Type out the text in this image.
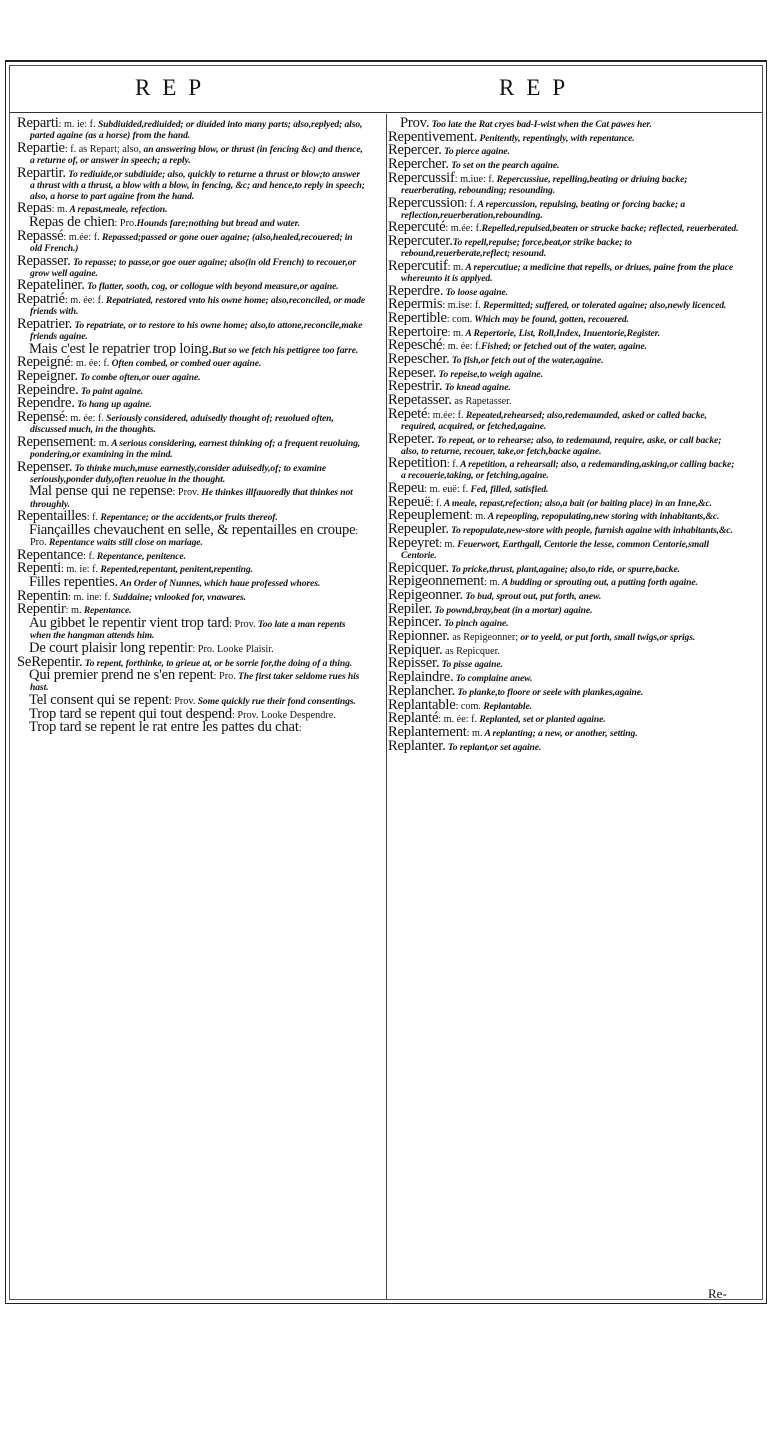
REP	REP
Reparti: m. ie: f. Subdiuided,rediuided; or diuided into many parts; also,replyed; also, parted againe (as a horse) from the hand.
Repartie: f. as Repart; also, an answering blow, or thrust (in fencing &c) and thence, a returne of, or answer in speech; a reply.
Repartir. To rediuide,or subdiuide; also, quickly to returne a thrust or blow;to answer a thrust with a thrust, a blow with a blow, in fencing, &c; and hence,to reply in speech; also, a horse to part againe from the hand.
Repas: m. A repast,meale, refection.
Repas de chien: Pro.Hounds fare;nothing but bread and water.
Repassé: m.ée: f. Repassed;passed or gone ouer againe; (also,healed,recouered; in old French.)
Repasser. To repasse; to passe,or goe ouer againe; also(in old French) to recouer,or grow well againe.
Repateliner. To flatter, sooth, cog, or collogue with beyond measure,or againe.
Repatrié: m. ée: f. Repatriated, restored vnto his owne home; also,reconciled, or made friends with.
Repatrier. To repatriate, or to restore to his owne home; also,to attone,reconcile,make friends againe.
Mais c'est le repatrier trop loing.But so we fetch his pettigree too farre.
Repeigné: m. ée: f. Often combed, or combed ouer againe.
Repeigner. To combe often,or ouer againe.
Repeindre. To paint againe.
Rependre. To hang up againe.
Repensé: m. ée: f. Seriously considered, aduisedly thought of; reuolued often, discussed much, in the thoughts.
Repensement: m. A serious considering, earnest thinking of; a frequent reuoluing, pondering,or examining in the mind.
Repenser. To thinke much,muse earnestly,consider aduisedly,of; to examine seriously,ponder duly,often reuolue in the thought.
Mal pense qui ne repense: Prov. He thinkes illfauoredly that thinkes not throughly.
Repentailles: f. Repentance; or the accidents,or fruits thereof.
Fiançailles chevauchent en selle, & repentailles en croupe: Pro. Repentance waits still close on mariage.
Repentance: f. Repentance, penitence.
Repenti: m. ie: f. Repented,repentant, penitent,repenting.
Filles repenties. An Order of Nunnes, which haue professed whores.
Repentin: m. ine: f. Suddaine; vnlooked for, vnawares.
Repentir: m. Repentance.
Au gibbet le repentir vient trop tard: Prov. Too late a man repents when the hangman attends him.
De court plaisir long repentir: Pro. Looke Plaisir.
SeRepentir. To repent, forthinke, to grieue at, or be sorrie for,the doing of a thing.
Qui premier prend ne s'en repent: Pro. The first taker seldome rues his hast.
Tel consent qui se repent: Prov. Some quickly rue their fond consentings.
Trop tard se repent qui tout despend: Prov. Looke Despendre.
Trop tard se repent le rat entre les pattes du chat:
Prov. Too late the Rat cryes bad-I-wist when the Cat pawes her.
Repentivement. Penitently, repentingly, with repentance.
Repercer. To pierce againe.
Repercher. To set on the pearch againe.
Repercussif: m.iue: f. Repercussiue, repelling,beating or driuing backe; reuerberating, rebounding; resounding.
Repercussion: f. A repercussion, repulsing, beating or forcing backe; a reflection,reuerberation,rebounding.
Repercuté: m.ée: f.Repelled,repulsed,beaten or strucke backe; reflected, reuerberated.
Repercuter.To repell,repulse; force,beat,or strike backe; to rebound,reuerberate,reflect; resound.
Repercutif: m. A repercutiue; a medicine that repells, or driues, paine from the place whereunto it is applyed.
Reperdre. To loose againe.
Repermis: m.ise: f. Repermitted; suffered, or tolerated againe; also,newly licenced.
Repertible: com. Which may be found, gotten, recouered.
Repertoire: m. A Repertorie, List, Roll,Index, Inuentorie,Register.
Repesché: m. ée: f.Fished; or fetched out of the water, againe.
Repescher. To fish,or fetch out of the water,againe.
Repeser. To repeise,to weigh againe.
Repestrir. To knead againe.
Repetasser. as Rapetasser.
Repeté: m.ée: f. Repeated,rehearsed; also,redemaunded, asked or called backe, required, acquired, or fetched,againe.
Repeter. To repeat, or to rehearse; also, to redemaund, require, aske, or call backe; also, to returne, recouer, take,or fetch,backe againe.
Repetition: f. A repetition, a rehearsall; also, a redemanding,asking,or calling backe; a recouerie,taking, or fetching,againe.
Repeu: m. euë: f. Fed, filled, satisfied.
Repeuë: f. A meale, repast,refection; also,a bait (or baiting place) in an Inne,&c.
Repeuplement: m. A repeopling, repopulating,new storing with inhabitants,&c.
Repeupler. To repopulate,new-store with people, furnish againe with inhabitants,&c.
Repeyret: m. Feuerwort, Earthgall, Centorie the lesse, common Centorie,small Centorie.
Repicquer. To pricke,thrust, plant,againe; also,to ride, or spurre,backe.
Repigeonnement: m. A budding or sprouting out, a putting forth againe.
Repigeonner. To bud, sprout out, put forth, anew.
Repiler. To pownd,bray,beat (in a mortar) againe.
Repincer. To pinch againe.
Repionner. as Repigeonner; or to yeeld, or put forth, small twigs,or sprigs.
Repiquer. as Repicquer.
Repisser. To pisse againe.
Replaindre. To complaine anew.
Replancher. To planke,to floore or seele with plankes,againe.
Replantable: com. Replantable.
Replanté: m. ée: f. Replanted, set or planted againe.
Replantement: m. A replanting; a new, or another, setting.
Replanter. To replant,or set againe.
Re-
